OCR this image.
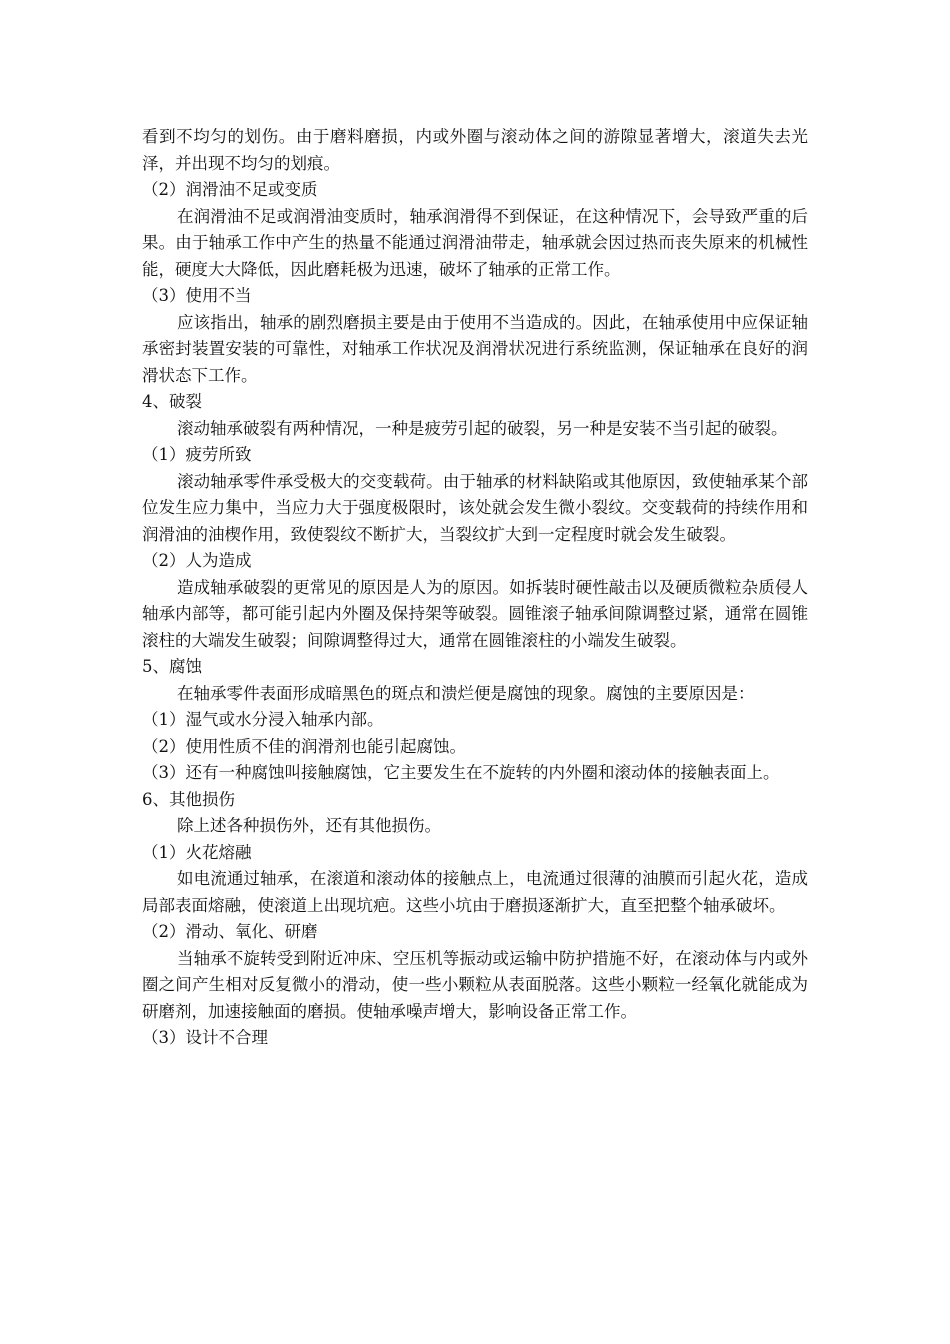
看到不均匀的划伤。由于磨料磨损，内或外圈与滚动体之间的游隙显著增大，滚道失去光泽，并出现不均匀的划痕。

（2）润滑油不足或变质

在润滑油不足或润滑油变质时，轴承润滑得不到保证，在这种情况下，会导致严重的后果。由于轴承工作中产生的热量不能通过润滑油带走，轴承就会因过热而丧失原来的机械性能，硬度大大降低，因此磨耗极为迅速，破坏了轴承的正常工作。

（3）使用不当

应该指出，轴承的剧烈磨损主要是由于使用不当造成的。因此，在轴承使用中应保证轴承密封装置安装的可靠性，对轴承工作状况及润滑状况进行系统监测，保证轴承在良好的润滑状态下工作。

4、破裂

滚动轴承破裂有两种情况，一种是疲劳引起的破裂，另一种是安装不当引起的破裂。

（1）疲劳所致

滚动轴承零件承受极大的交变载荷。由于轴承的材料缺陷或其他原因，致使轴承某个部位发生应力集中，当应力大于强度极限时，该处就会发生微小裂纹。交变载荷的持续作用和润滑油的油楔作用，致使裂纹不断扩大，当裂纹扩大到一定程度时就会发生破裂。

（2）人为造成

造成轴承破裂的更常见的原因是人为的原因。如拆装时硬性敲击以及硬质微粒杂质侵人轴承内部等，都可能引起内外圈及保持架等破裂。圆锥滚子轴承间隙调整过紧，通常在圆锥滚柱的大端发生破裂；间隙调整得过大，通常在圆锥滚柱的小端发生破裂。

5、腐蚀

在轴承零件表面形成暗黑色的斑点和溃烂便是腐蚀的现象。腐蚀的主要原因是：

（1）湿气或水分浸入轴承内部。

（2）使用性质不佳的润滑剂也能引起腐蚀。

（3）还有一种腐蚀叫接触腐蚀，它主要发生在不旋转的内外圈和滚动体的接触表面上。

6、其他损伤

除上述各种损伤外，还有其他损伤。

（1）火花熔融

如电流通过轴承，在滚道和滚动体的接触点上，电流通过很薄的油膜而引起火花，造成局部表面熔融，使滚道上出现坑疤。这些小坑由于磨损逐渐扩大，直至把整个轴承破坏。

（2）滑动、氧化、研磨

当轴承不旋转受到附近冲床、空压机等振动或运输中防护措施不好，在滚动体与内或外圈之间产生相对反复微小的滑动，使一些小颗粒从表面脱落。这些小颗粒一经氧化就能成为研磨剂，加速接触面的磨损。使轴承噪声增大，影响设备正常工作。

（3）设计不合理
